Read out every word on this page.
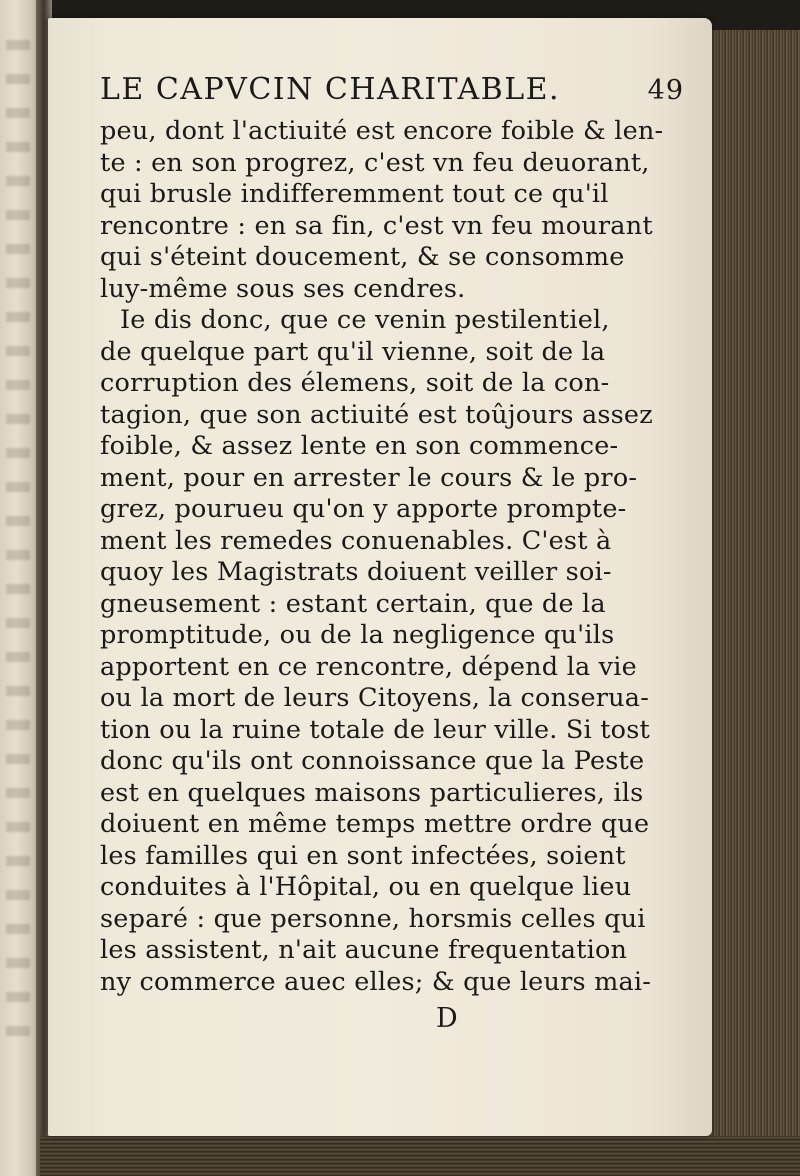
LE CAPVCIN CHARITABLE.	49
peu, dont l'actiuité est encore foible & len-
te : en son progrez, c'est vn feu deuorant,
qui brusle indifferemment tout ce qu'il
rencontre : en sa fin, c'est vn feu mourant
qui s'éteint doucement, & se consomme
luy-même sous ses cendres.
Ie dis donc, que ce venin pestilentiel,
de quelque part qu'il vienne, soit de la
corruption des élemens, soit de la con-
tagion, que son actiuité est toûjours assez
foible, & assez lente en son commence-
ment, pour en arrester le cours & le pro-
grez, pourueu qu'on y apporte prompte-
ment les remedes conuenables. C'est à
quoy les Magistrats doiuent veiller soi-
gneusement : estant certain, que de la
promptitude, ou de la negligence qu'ils
apportent en ce rencontre, dépend la vie
ou la mort de leurs Citoyens, la conserua-
tion ou la ruine totale de leur ville. Si tost
donc qu'ils ont connoissance que la Peste
est en quelques maisons particulieres, ils
doiuent en même temps mettre ordre que
les familles qui en sont infectées, soient
conduites à l'Hôpital, ou en quelque lieu
separé : que personne, horsmis celles qui
les assistent, n'ait aucune frequentation
ny commerce auec elles; & que leurs mai-
D
